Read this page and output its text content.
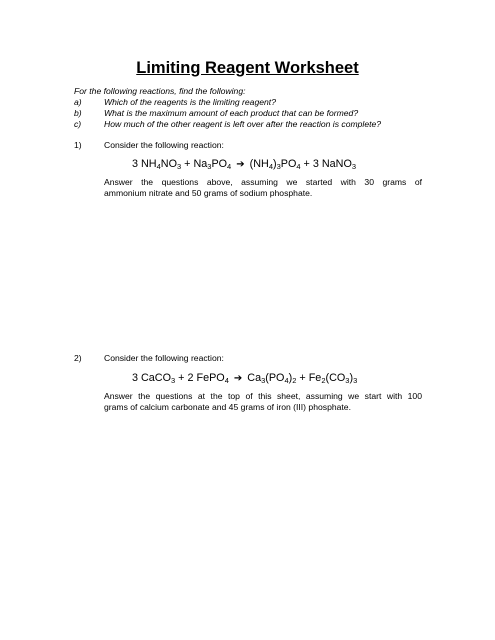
Limiting Reagent Worksheet
For the following reactions, find the following:
a)	Which of the reagents is the limiting reagent?
b)	What is the maximum amount of each product that can be formed?
c)	How much of the other reagent is left over after the reaction is complete?
1)	Consider the following reaction:
3 $NH_4NO_3 + Na_3PO_4$ ➔ $(NH_4)_3PO_4 + 3$ NaNO$_3$
Answer the questions above, assuming we started with 30 grams of
ammonium nitrate and 50 grams of sodium phosphate.
2)	Consider the following reaction:
3 CaCO$_3$ + 2 FePO$_4$ ➔ $Ca_3(PO_4)_2 + Fe_2(CO_3)_3$
Answer the questions at the top of this sheet, assuming we start with 100
grams of calcium carbonate and 45 grams of iron (III) phosphate.
